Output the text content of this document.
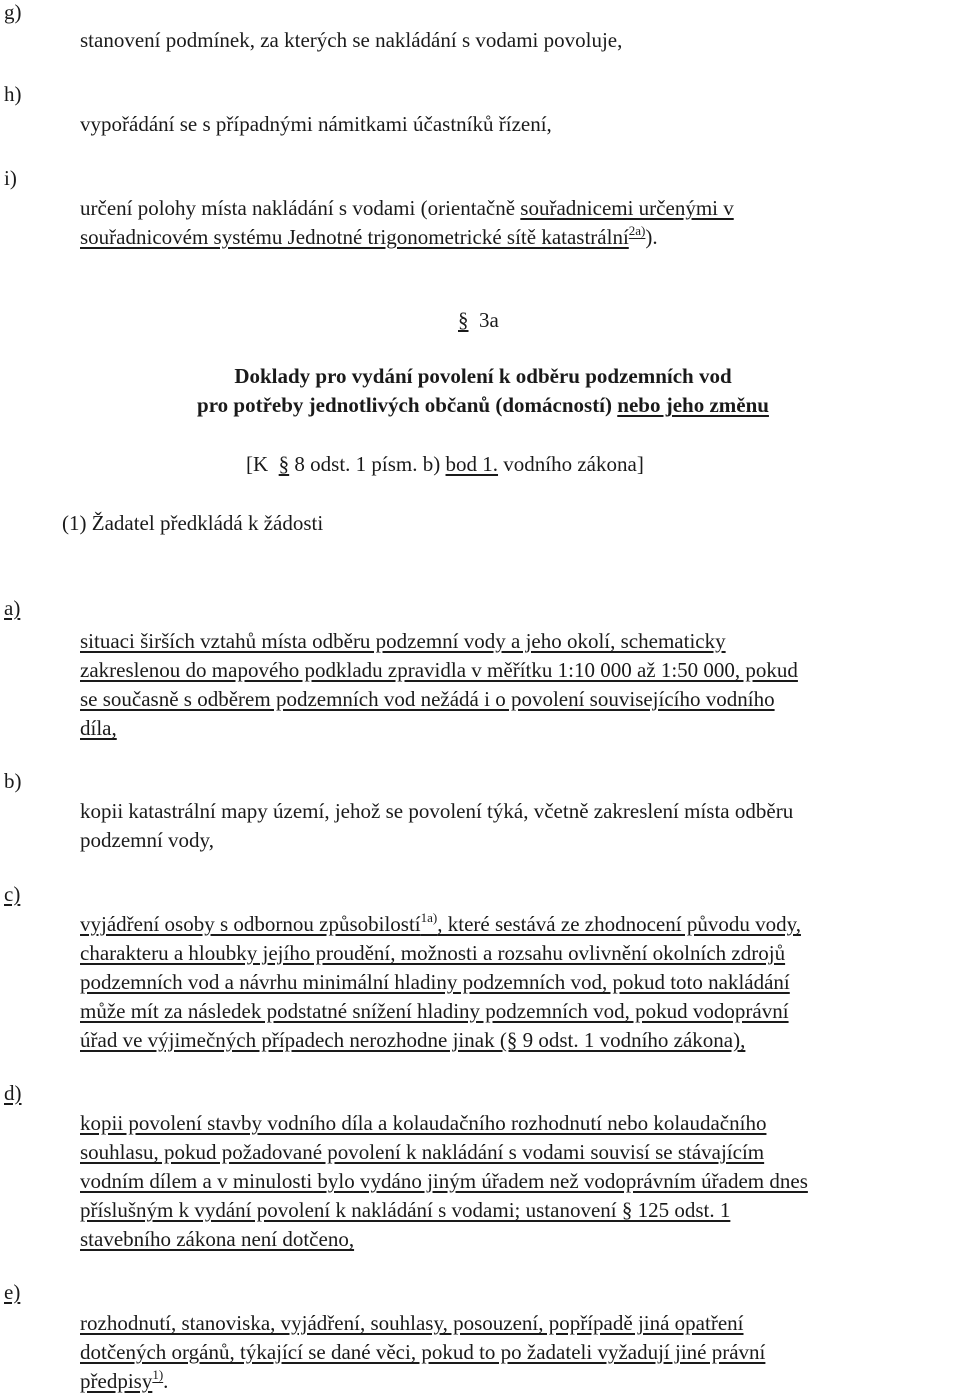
g)
stanovení podmínek, za kterých se nakládání s vodami povoluje,
h)
vypořádání se s případnými námitkami účastníků řízení,
i)
určení polohy místa nakládání s vodami (orientačně souřadnicemi určenými v
souřadnicovém systému Jednotné trigonometrické sítě katastrální$^{2a)}$).
§ 3a
Doklady pro vydání povolení k odběru podzemních vod
pro potřeby jednotlivých občanů (domácností) nebo jeho změnu
[K § 8 odst. 1 písm. b) bod 1. vodního zákona]
(1) Žadatel předkládá k žádosti
a)
situaci širších vztahů místa odběru podzemní vody a jeho okolí, schematicky
zakreslenou do mapového podkladu zpravidla v měřítku 1:10 000 až 1:50 000, pokud
se současně s odběrem podzemních vod nežádá i o povolení souvisejícího vodního
díla,
b)
kopii katastrální mapy území, jehož se povolení týká, včetně zakreslení místa odběru
podzemní vody,
c)
vyjádření osoby s odbornou způsobilostí$^{1a)}$, které sestává ze zhodnocení původu vody,
charakteru a hloubky jejího proudění, možnosti a rozsahu ovlivnění okolních zdrojů
podzemních vod a návrhu minimální hladiny podzemních vod, pokud toto nakládání
může mít za následek podstatné snížení hladiny podzemních vod, pokud vodoprávní
úřad ve výjimečných případech nerozhodne jinak (§ 9 odst. 1 vodního zákona),
d)
kopii povolení stavby vodního díla a kolaudačního rozhodnutí nebo kolaudačního
souhlasu, pokud požadované povolení k nakládání s vodami souvisí se stávajícím
vodním dílem a v minulosti bylo vydáno jiným úřadem než vodoprávním úřadem dnes
příslušným k vydání povolení k nakládání s vodami; ustanovení § 125 odst. 1
stavebního zákona není dotčeno,
e)
rozhodnutí, stanoviska, vyjádření, souhlasy, posouzení, popřípadě jiná opatření
dotčených orgánů, týkající se dané věci, pokud to po žadateli vyžadují jiné právní
předpisy$^{1)}$.
